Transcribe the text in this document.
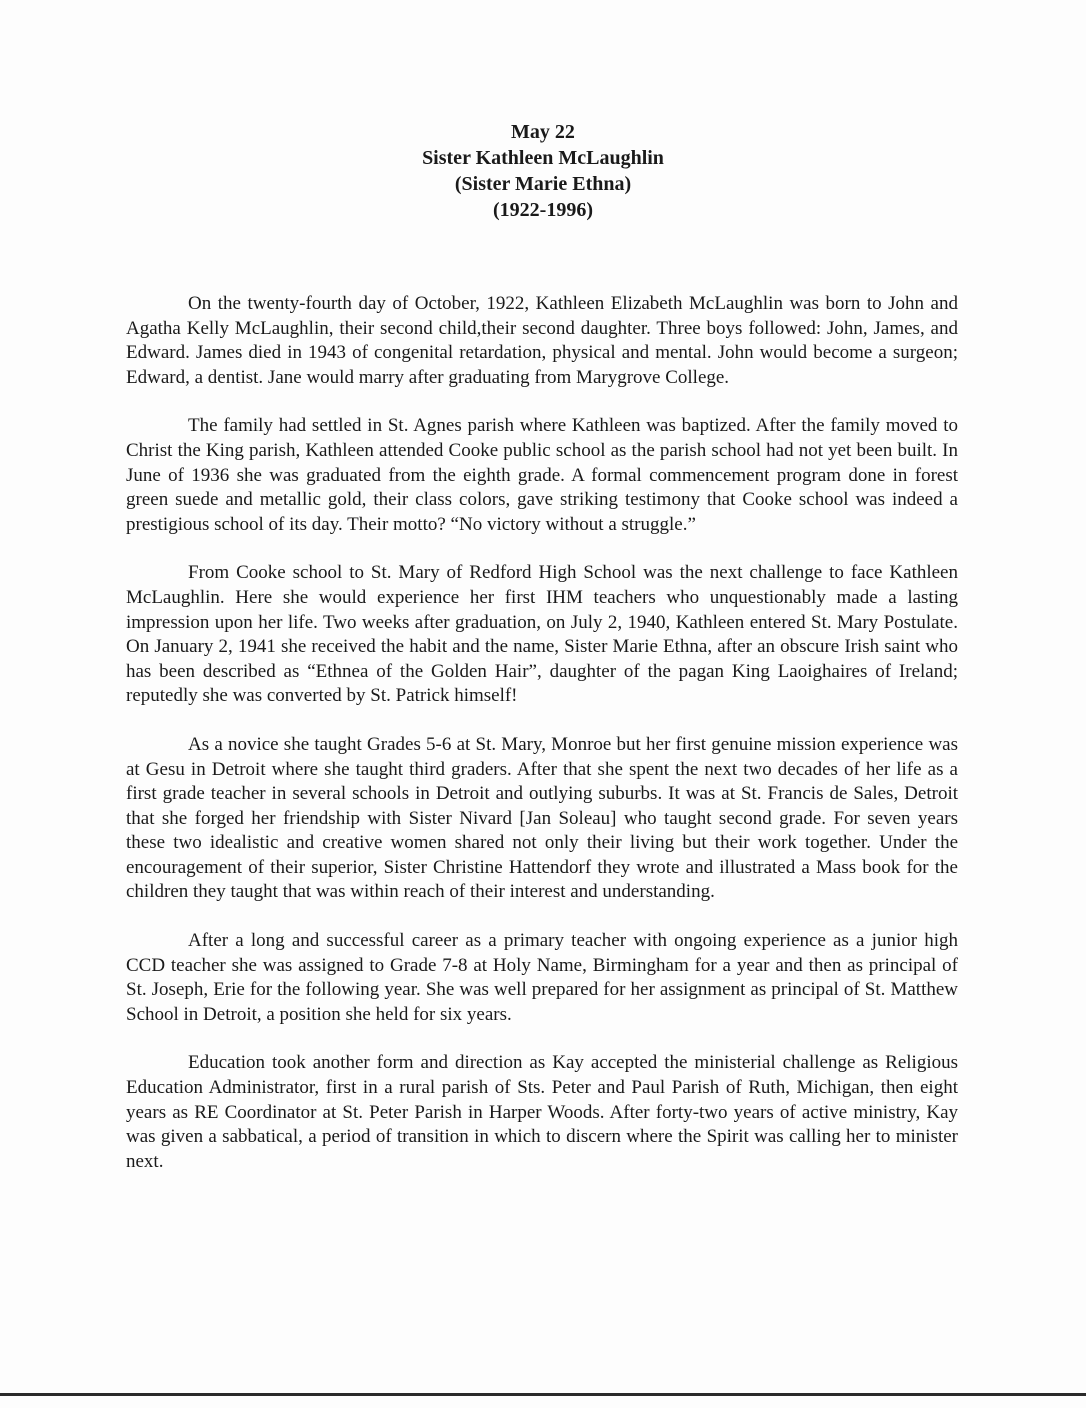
May 22
Sister Kathleen McLaughlin
(Sister Marie Ethna)
(1922-1996)

On the twenty-fourth day of October, 1922, Kathleen Elizabeth McLaughlin was born to John and Agatha Kelly McLaughlin, their second child,their second daughter. Three boys followed: John, James, and Edward. James died in 1943 of congenital retardation, physical and mental. John would become a surgeon; Edward, a dentist. Jane would marry after graduating from Marygrove College.

The family had settled in St. Agnes parish where Kathleen was baptized. After the family moved to Christ the King parish, Kathleen attended Cooke public school as the parish school had not yet been built. In June of 1936 she was graduated from the eighth grade. A formal commencement program done in forest green suede and metallic gold, their class colors, gave striking testimony that Cooke school was indeed a prestigious school of its day. Their motto? “No victory without a struggle.”

From Cooke school to St. Mary of Redford High School was the next challenge to face Kathleen McLaughlin. Here she would experience her first IHM teachers who unquestionably made a lasting impression upon her life. Two weeks after graduation, on July 2, 1940, Kathleen entered St. Mary Postulate. On January 2, 1941 she received the habit and the name, Sister Marie Ethna, after an obscure Irish saint who has been described as “Ethnea of the Golden Hair”, daughter of the pagan King Laoighaires of Ireland; reputedly she was converted by St. Patrick himself!

As a novice she taught Grades 5-6 at St. Mary, Monroe but her first genuine mission experience was at Gesu in Detroit where she taught third graders. After that she spent the next two decades of her life as a first grade teacher in several schools in Detroit and outlying suburbs. It was at St. Francis de Sales, Detroit that she forged her friendship with Sister Nivard [Jan Soleau] who taught second grade. For seven years these two idealistic and creative women shared not only their living but their work together. Under the encouragement of their superior, Sister Christine Hattendorf they wrote and illustrated a Mass book for the children they taught that was within reach of their interest and understanding.

After a long and successful career as a primary teacher with ongoing experience as a junior high CCD teacher she was assigned to Grade 7-8 at Holy Name, Birmingham for a year and then as principal of St. Joseph, Erie for the following year. She was well prepared for her assignment as principal of St. Matthew School in Detroit, a position she held for six years.

Education took another form and direction as Kay accepted the ministerial challenge as Religious Education Administrator, first in a rural parish of Sts. Peter and Paul Parish of Ruth, Michigan, then eight years as RE Coordinator at St. Peter Parish in Harper Woods. After forty-two years of active ministry, Kay was given a sabbatical, a period of transition in which to discern where the Spirit was calling her to minister next.
